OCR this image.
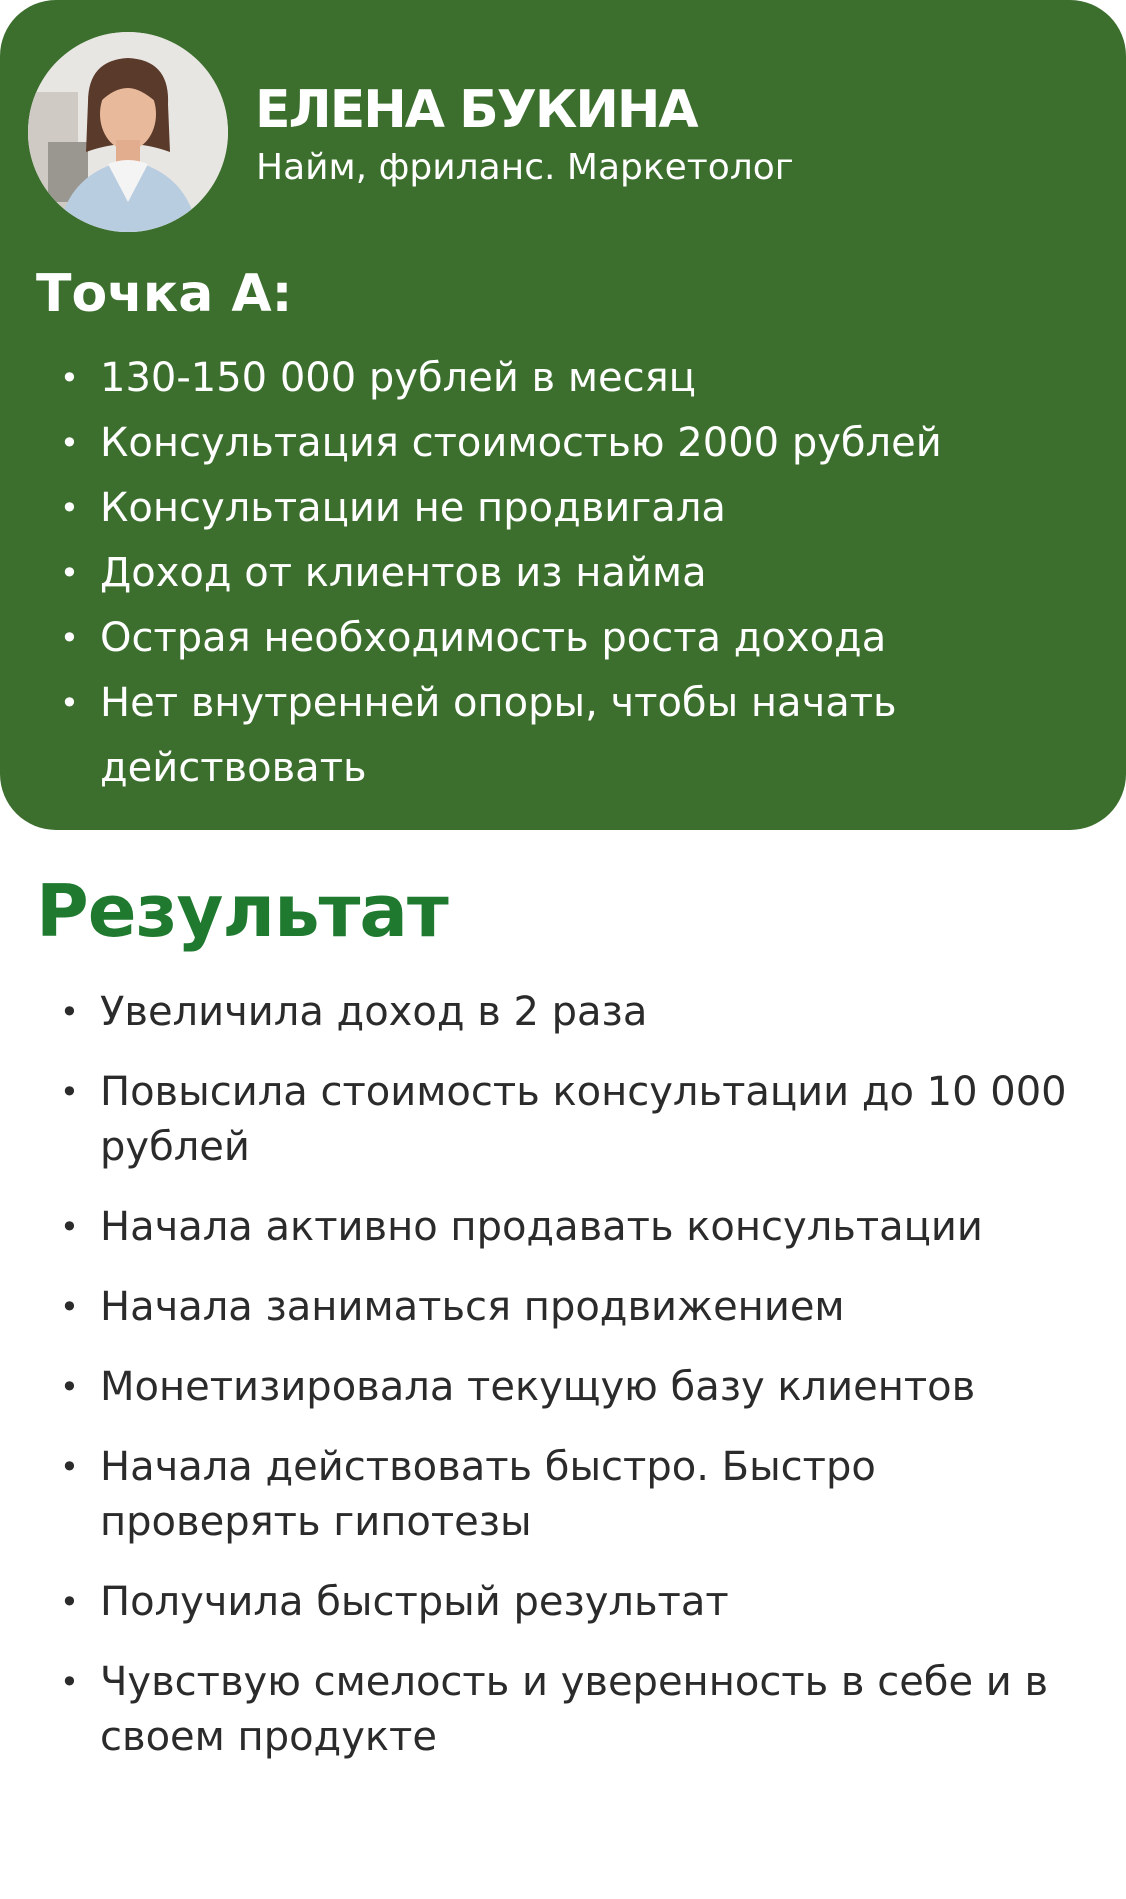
ЕЛЕНА БУКИНА
Найм, фриланс. Маркетолог
Точка А:
• 130-150 000 рублей в месяц
• Консультация стоимостью 2000 рублей
• Консультации не продвигала
• Доход от клиентов из найма
• Острая необходимость роста дохода
• Нет внутренней опоры, чтобы начать действовать
Результат
• Увеличила доход в 2 раза
• Повысила стоимость консультации до 10 000 рублей
• Начала активно продавать консультации
• Начала заниматься продвижением
• Монетизировала текущую базу клиентов
• Начала действовать быстро. Быстро проверять гипотезы
• Получила быстрый результат
• Чувствую смелость и уверенность в себе и в своем продукте
